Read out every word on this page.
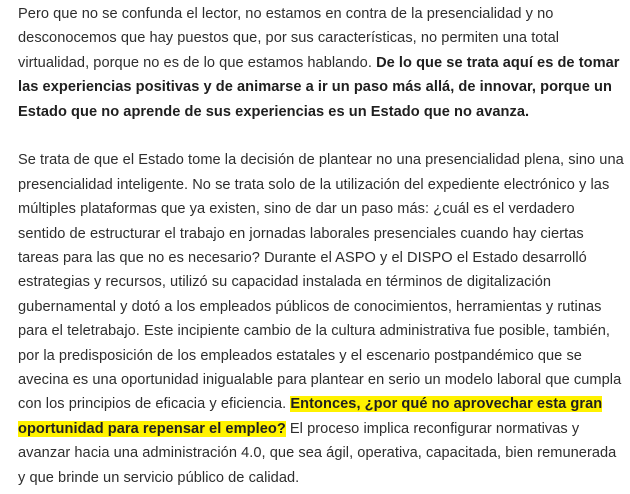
Pero que no se confunda el lector, no estamos en contra de la presencialidad y no desconocemos que hay puestos que, por sus características, no permiten una total virtualidad, porque no es de lo que estamos hablando. De lo que se trata aquí es de tomar las experiencias positivas y de animarse a ir un paso más allá, de innovar, porque un Estado que no aprende de sus experiencias es un Estado que no avanza.

Se trata de que el Estado tome la decisión de plantear no una presencialidad plena, sino una presencialidad inteligente. No se trata solo de la utilización del expediente electrónico y las múltiples plataformas que ya existen, sino de dar un paso más: ¿cuál es el verdadero sentido de estructurar el trabajo en jornadas laborales presenciales cuando hay ciertas tareas para las que no es necesario? Durante el ASPO y el DISPO el Estado desarrolló estrategias y recursos, utilizó su capacidad instalada en términos de digitalización gubernamental y dotó a los empleados públicos de conocimientos, herramientas y rutinas para el teletrabajo. Este incipiente cambio de la cultura administrativa fue posible, también, por la predisposición de los empleados estatales y el escenario postpandémico que se avecina es una oportunidad inigualable para plantear en serio un modelo laboral que cumpla con los principios de eficacia y eficiencia. Entonces, ¿por qué no aprovechar esta gran oportunidad para repensar el empleo? El proceso implica reconfigurar normativas y avanzar hacia una administración 4.0, que sea ágil, operativa, capacitada, bien remunerada y que brinde un servicio público de calidad.
